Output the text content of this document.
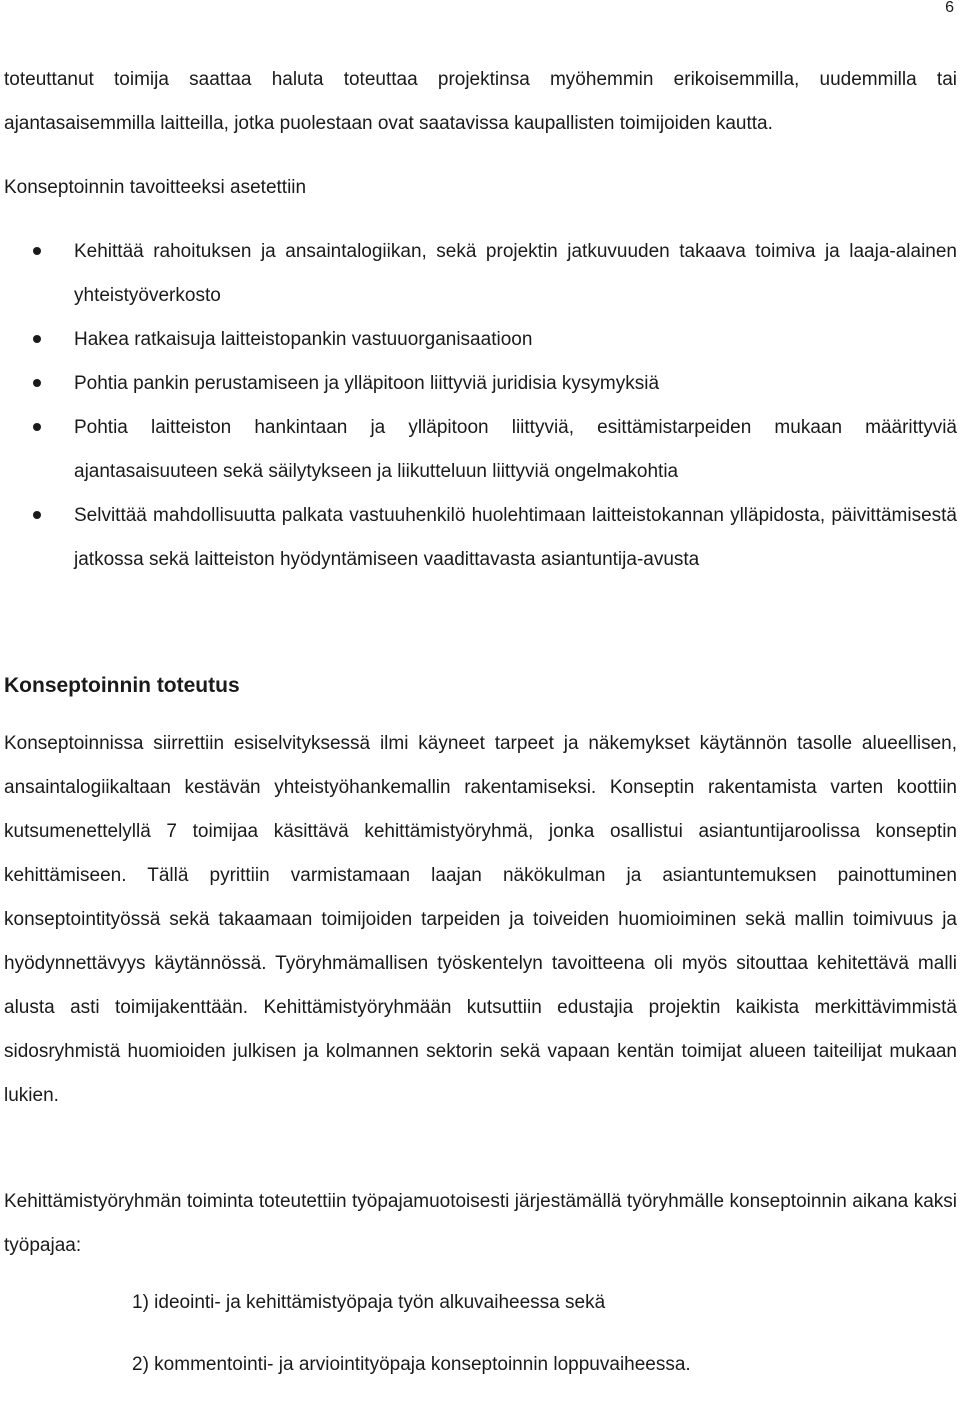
6

toteuttanut toimija saattaa haluta toteuttaa projektinsa myöhemmin erikoisemmilla, uudemmilla tai ajantasaisemmilla laitteilla, jotka puolestaan ovat saatavissa kaupallisten toimijoiden kautta.

Konseptoinnin tavoitteeksi asetettiin

Kehittää rahoituksen ja ansaintalogiikan, sekä projektin jatkuvuuden takaava toimiva ja laaja-alainen yhteistyöverkosto
Hakea ratkaisuja laitteistopankin vastuuorganisaatioon
Pohtia pankin perustamiseen ja ylläpitoon liittyviä juridisia kysymyksiä
Pohtia laitteiston hankintaan ja ylläpitoon liittyviä, esittämistarpeiden mukaan määrittyviä ajantasaisuuteen sekä säilytykseen ja liikutteluun liittyviä ongelmakohtia
Selvittää mahdollisuutta palkata vastuuhenkilö huolehtimaan laitteistokannan ylläpidosta, päivittämisestä jatkossa sekä laitteiston hyödyntämiseen vaadittavasta asiantuntija-avusta
Konseptoinnin toteutus

Konseptoinnissa siirrettiin esiselvityksessä ilmi käyneet tarpeet ja näkemykset käytännön tasolle alueellisen, ansaintalogiikaltaan kestävän yhteistyöhankemallin rakentamiseksi. Konseptin rakentamista varten koottiin kutsumenettelyllä 7 toimijaa käsittävä kehittämistyöryhmä, jonka osallistui asiantuntijaroolissa konseptin kehittämiseen. Tällä pyrittiin varmistamaan laajan näkökulman ja asiantuntemuksen painottuminen konseptointityössä sekä takaamaan toimijoiden tarpeiden ja toiveiden huomioiminen sekä mallin toimivuus ja hyödynnettävyys käytännössä. Työryhmämallisen työskentelyn tavoitteena oli myös sitouttaa kehitettävä malli alusta asti toimijakenttään. Kehittämistyöryhmään kutsuttiin edustajia projektin kaikista merkittävimmistä sidosryhmistä huomioiden julkisen ja kolmannen sektorin sekä vapaan kentän toimijat alueen taiteilijat mukaan lukien.

Kehittämistyöryhmän toiminta toteutettiin työpajamuotoisesti järjestämällä työryhmälle konseptoinnin aikana kaksi työpajaa:

1) ideointi- ja kehittämistyöpaja työn alkuvaiheessa sekä
2) kommentointi- ja arviointityöpaja konseptoinnin loppuvaiheessa.
